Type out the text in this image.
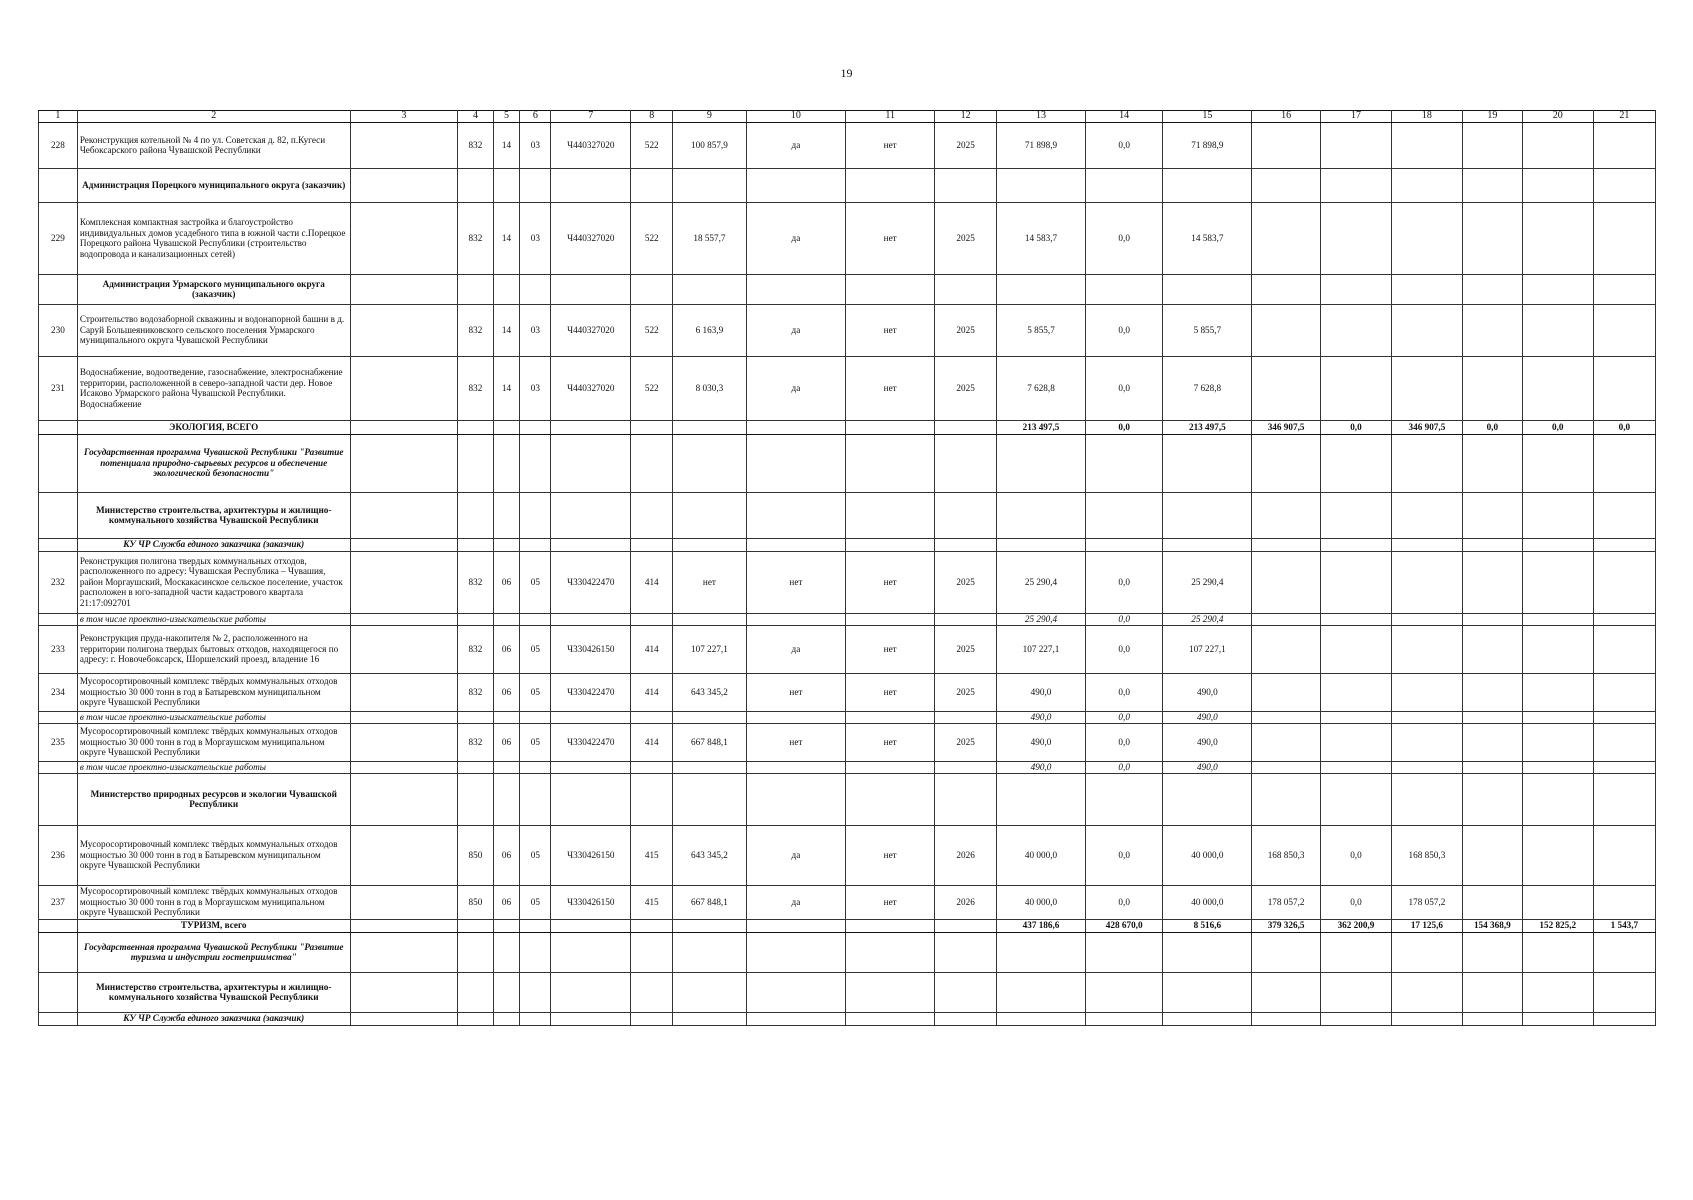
19
1	2	3	4	5	6	7	8	9	10	11	12	13	14	15	16	17	18	19	20	21
228	Реконструкция котельной № 4 по ул. Советская д. 82, п.Кугеси Чебоксарского района Чувашской Республики		832	14	03	Ч440327020	522	100 857,9	да	нет	2025	71 898,9	0,0	71 898,9						
	Администрация Порецкого муниципального округа (заказчик)																			
229	Комплексная компактная застройка и благоустройство индивидуальных домов усадебного типа в южной части с.Порецкое Порецкого района Чувашской Республики (строительство водопровода и канализационных сетей)		832	14	03	Ч440327020	522	18 557,7	да	нет	2025	14 583,7	0,0	14 583,7						
	Администрация Урмарского муниципального округа (заказчик)																			
230	Строительство водозаборной скважины и водонапорной башни в д. Саруй Большеяниковского сельского поселения Урмарского муниципального округа Чувашской Республики		832	14	03	Ч440327020	522	6 163,9	да	нет	2025	5 855,7	0,0	5 855,7						
231	Водоснабжение, водоотведение, газоснабжение, электроснабжение территории, расположенной в северо-западной части дер. Новое Исаково Урмарского района Чувашской Республики. Водоснабжение		832	14	03	Ч440327020	522	8 030,3	да	нет	2025	7 628,8	0,0	7 628,8						
	ЭКОЛОГИЯ, ВСЕГО											213 497,5	0,0	213 497,5	346 907,5	0,0	346 907,5	0,0	0,0	0,0
	Государственная программа Чувашской Республики "Развитие потенциала природно-сырьевых ресурсов и обеспечение экологической безопасности"																			
	Министерство строительства, архитектуры и жилищно-коммунального хозяйства Чувашской Республики																			
	КУ ЧР Служба единого заказчика (заказчик)																			
232	Реконструкция полигона твердых коммунальных отходов, расположенного по адресу: Чувашская Республика – Чувашия, район Моргаушский, Москакасинское сельское поселение, участок расположен в юго-западной части кадастрового квартала 21:17:092701		832	06	05	Ч330422470	414	нет	нет	нет	2025	25 290,4	0,0	25 290,4						
	в том числе проектно-изыскательские работы											25 290,4	0,0	25 290,4						
233	Реконструкция пруда-накопителя № 2, расположенного на территории полигона твердых бытовых отходов, находящегося по адресу: г. Новочебоксарск, Шоршелский проезд, владение 16		832	06	05	Ч330426150	414	107 227,1	да	нет	2025	107 227,1	0,0	107 227,1						
234	Мусоросортировочный комплекс твёрдых коммунальных отходов мощностью 30 000 тонн в год в Батыревском муниципальном округе Чувашской Республики		832	06	05	Ч330422470	414	643 345,2	нет	нет	2025	490,0	0,0	490,0						
	в том числе проектно-изыскательские работы											490,0	0,0	490,0						
235	Мусоросортировочный комплекс твёрдых коммунальных отходов мощностью 30 000 тонн в год в Моргаушском муниципальном округе Чувашской Республики		832	06	05	Ч330422470	414	667 848,1	нет	нет	2025	490,0	0,0	490,0						
	в том числе проектно-изыскательские работы											490,0	0,0	490,0						
	Министерство природных ресурсов и экологии Чувашской Республики																			
236	Мусоросортировочный комплекс твёрдых коммунальных отходов мощностью 30 000 тонн в год в Батыревском муниципальном округе Чувашской Республики		850	06	05	Ч330426150	415	643 345,2	да	нет	2026	40 000,0	0,0	40 000,0	168 850,3	0,0	168 850,3			
237	Мусоросортировочный комплекс твёрдых коммунальных отходов мощностью 30 000 тонн в год в Моргаушском муниципальном округе Чувашской Республики		850	06	05	Ч330426150	415	667 848,1	да	нет	2026	40 000,0	0,0	40 000,0	178 057,2	0,0	178 057,2			
	ТУРИЗМ, всего											437 186,6	428 670,0	8 516,6	379 326,5	362 200,9	17 125,6	154 368,9	152 825,2	1 543,7
	Государственная программа Чувашской Республики "Развитие туризма и индустрии гостеприимства"																			
	Министерство строительства, архитектуры и жилищно-коммунального хозяйства Чувашской Республики																			
	КУ ЧР Служба единого заказчика (заказчик)																			
